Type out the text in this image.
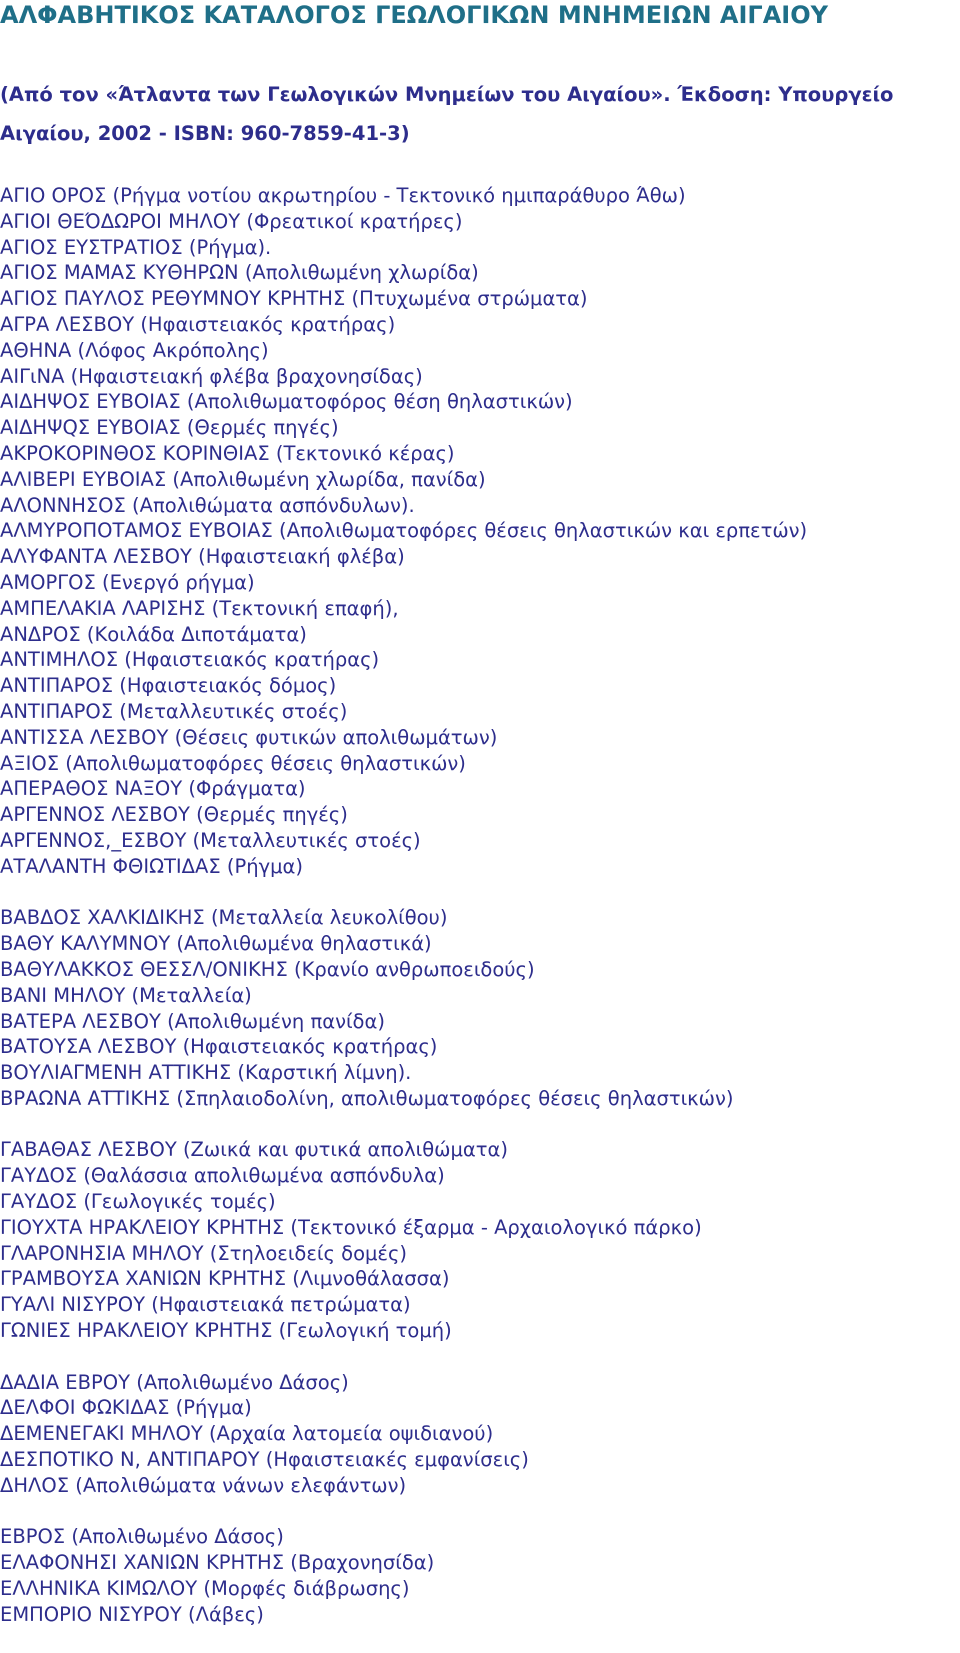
ΑΛΦΑΒΗΤΙΚΟΣ ΚΑΤΑΛΟΓΟΣ ΓΕΩΛΟΓΙΚΩΝ ΜΝΗΜΕΙΩΝ ΑΙΓΑΙΟΥ
(Από τον «Άτλαντα των Γεωλογικών Μνημείων του Αιγαίου». Έκδοση: Υπουργείο Αιγαίου, 2002 - ISBN: 960-7859-41-3)
ΑΓΙΟ ΟΡΟΣ (Ρήγμα νοτίου ακρωτηρίου - Τεκτονικό ημιπαράθυρο Άθω)
ΑΓΙΟΙ ΘΕΌΔΩΡΟΙ ΜΗΛΟΥ (Φρεατικοί κρατήρες)
ΑΓΙΟΣ ΕΥΣΤΡΑΤΙΟΣ (Ρήγμα).
ΑΓΙΟΣ ΜΑΜΑΣ ΚΥΘΗΡΩΝ (Απολιθωμένη χλωρίδα)
ΑΓΙΟΣ ΠΑΥΛΟΣ ΡΕΘΥΜΝΟΥ ΚΡΗΤΗΣ (Πτυχωμένα στρώματα)
ΑΓΡΑ ΛΕΣΒΟΥ (Ηφαιστειακός κρατήρας)
ΑΘΗΝΑ (Λόφος Ακρόπολης)
ΑΙΓιΝΑ (Ηφαιστειακή φλέβα βραχονησίδας)
ΑΙΔΗΨΟΣ ΕΥΒΟΙΑΣ (Απολιθωματοφόρος θέση θηλαστικών)
ΑΙΔΗΨQΣ ΕΥΒΟΙΑΣ (Θερμές πηγές)
ΑΚΡΟΚΟΡΙΝΘΟΣ ΚΟΡΙΝΘΙΑΣ (Τεκτονικό κέρας)
ΑΛΙΒΕΡΙ ΕΥΒΟΙΑΣ (Απολιθωμένη χλωρίδα, πανίδα)
ΑΛΟΝΝΗΣΟΣ (Απολιθώματα ασπόνδυλων).
ΑΛΜΥΡΟΠΟΤΑΜΟΣ ΕΥΒΟΙΑΣ (Απολιθωματοφόρες θέσεις θηλαστικών και ερπετών)
ΑΛΥΦΑΝΤΑ ΛΕΣΒΟΥ (Ηφαιστειακή φλέβα)
ΑΜΟΡΓΟΣ (Ενεργό ρήγμα)
ΑΜΠΕΛΑΚΙΑ ΛΑΡΙΣΗΣ (Τεκτονική επαφή),
ΑΝΔΡΟΣ (Κοιλάδα Διποτάματα)
ΑΝΤΙΜΗΛΟΣ (Ηφαιστειακός κρατήρας)
ΑΝΤΙΠΑΡΟΣ (Ηφαιστειακός δόμος)
ΑΝΤΙΠΑΡΟΣ (Μεταλλευτικές στοές)
ΑΝΤΙΣΣΑ ΛΕΣΒΟΥ (Θέσεις φυτικών απολιθωμάτων)
ΑΞΙΟΣ (Απολιθωματοφόρες θέσεις θηλαστικών)
ΑΠΕΡΑΘΟΣ ΝΑΞΟΥ (Φράγματα)
ΑΡΓΕΝΝΟΣ ΛΕΣΒΟΥ (Θερμές πηγές)
ΑΡΓΕΝΝΟΣ,_ΕΣΒΟΥ (Μεταλλευτικές στοές)
ΑΤΑΛΑΝΤΗ ΦΘΙΩΤΙΔΑΣ (Ρήγμα)
ΒΑΒΔΟΣ ΧΑΛΚΙΔΙΚΗΣ (Μεταλλεία λευκολίθου)
ΒΑΘΥ ΚΑΛΥΜΝΟΥ (Απολιθωμένα θηλαστικά)
ΒΑΘΥΛΑΚΚΟΣ ΘΕΣΣΛ/ΟΝΙΚΗΣ (Κρανίο ανθρωποειδούς)
ΒΑΝΙ ΜΗΛΟΥ (Μεταλλεία)
ΒΑΤΕΡΑ ΛΕΣΒΟΥ (Απολιθωμένη πανίδα)
ΒΑΤΟΥΣΑ ΛΕΣΒΟΥ (Ηφαιστειακός κρατήρας)
ΒΟΥΛΙΑΓΜΕΝΗ ΑΤΤΙΚΗΣ (Καρστική λίμνη).
ΒΡΑΩΝΑ ΑΤΤΙΚΗΣ (Σπηλαιοδολίνη, απολιθωματοφόρες θέσεις θηλαστικών)
ΓΑΒΑΘΑΣ ΛΕΣΒΟΥ (Ζωικά και φυτικά απολιθώματα)
ΓΑΥΔΟΣ (Θαλάσσια απολιθωμένα ασπόνδυλα)
ΓΑΥΔΟΣ (Γεωλογικές τομές)
ΓΙΟΥΧΤΑ ΗΡΑΚΛΕΙΟΥ ΚΡΗΤΗΣ (Τεκτονικό έξαρμα - Αρχαιολογικό πάρκο)
ΓΛΑΡΟΝΗΣΙΑ ΜΗΛΟΥ (Στηλοειδείς δομές)
ΓΡΑΜΒΟΥΣΑ ΧΑΝΙΩΝ ΚΡΗΤΗΣ (Λιμνοθάλασσα)
ΓΥΑΛΙ ΝΙΣΥΡΟΥ (Ηφαιστειακά πετρώματα)
ΓΩΝΙΕΣ ΗΡΑΚΛΕΙΟΥ ΚΡΗΤΗΣ (Γεωλογική τομή)
ΔΑΔΙΑ ΕΒΡΟΥ (Απολιθωμένο Δάσος)
ΔΕΛΦΟΙ ΦΩΚΙΔΑΣ (Ρήγμα)
ΔΕΜΕΝΕΓΑΚΙ ΜΗΛΟΥ (Αρχαία λατομεία οψιδιανού)
ΔΕΣΠΟΤΙΚΟ Ν, ΑΝΤΙΠΑΡΟΥ (Ηφαιστειακές εμφανίσεις)
ΔΗΛΟΣ (Απολιθώματα νάνων ελεφάντων)
ΕΒΡΟΣ (Απολιθωμένο Δάσος)
ΕΛΑΦΟΝΗΣΙ ΧΑΝΙΩΝ ΚΡΗΤΗΣ (Βραχονησίδα)
ΕΛΛΗΝΙΚΑ ΚΙΜΩΛΟΥ (Μορφές διάβρωσης)
ΕΜΠΟΡΙΟ ΝΙΣΥΡΟΥ (Λάβες)
